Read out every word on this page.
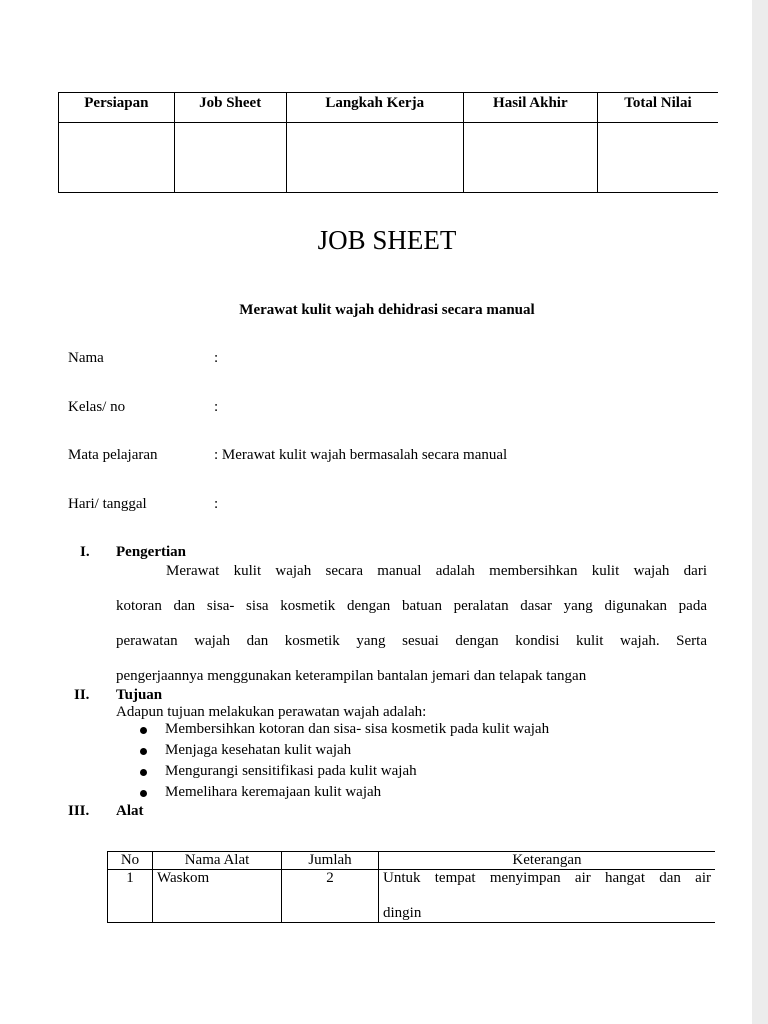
Persiapan	Job Sheet	Langkah Kerja	Hasil Akhir	Total Nilai

JOB SHEET
Merawat kulit wajah dehidrasi secara manual
Nama	:
Kelas/ no	:
Mata pelajaran	: Merawat kulit wajah bermasalah secara manual
Hari/ tanggal	:
I. Pengertian
Merawat kulit wajah secara manual adalah membersihkan kulit wajah dari
kotoran dan sisa- sisa kosmetik dengan batuan peralatan dasar yang digunakan pada
perawatan wajah dan kosmetik yang sesuai dengan kondisi kulit wajah. Serta
pengerjaannya menggunakan keterampilan bantalan jemari dan telapak tangan
II. Tujuan
Adapun tujuan melakukan perawatan wajah adalah:
Membersihkan kotoran dan sisa- sisa kosmetik pada kulit wajah
Menjaga kesehatan kulit wajah
Mengurangi sensitifikasi pada kulit wajah
Memelihara keremajaan kulit wajah
III. Alat
No	Nama Alat	Jumlah	Keterangan
1	Waskom	2	Untuk tempat menyimpan air hangat dan air
dingin
